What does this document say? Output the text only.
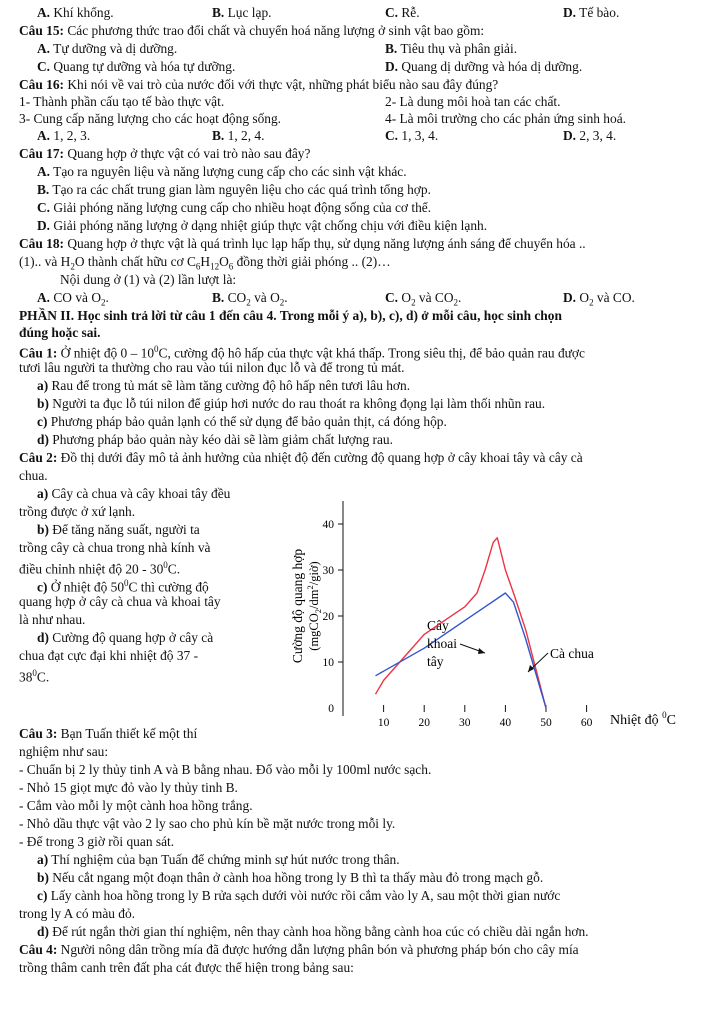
A. Khí khổng.	B. Lục lạp.	C. Rễ.	D. Tế bào.
Câu 15: Các phương thức trao đổi chất và chuyển hoá năng lượng ở sinh vật bao gồm:
A. Tự dưỡng và dị dưỡng.	B. Tiêu thụ và phân giải.
C. Quang tự dưỡng và hóa tự dưỡng.	D. Quang dị dưỡng và hóa dị dưỡng.
Câu 16: Khi nói về vai trò của nước đối với thực vật, những phát biểu nào sau đây đúng?
1- Thành phần cấu tạo tế bào thực vật.	2- Là dung môi hoà tan các chất.
3- Cung cấp năng lượng cho các hoạt động sống.	4- Là môi trường cho các phản ứng sinh hoá.
A. 1, 2, 3.	B. 1, 2, 4.	C. 1, 3, 4.	D. 2, 3, 4.
Câu 17: Quang hợp ở thực vật có vai trò nào sau đây?
A. Tạo ra nguyên liệu và năng lượng cung cấp cho các sinh vật khác.
B. Tạo ra các chất trung gian làm nguyên liệu cho các quá trình tổng hợp.
C. Giải phóng năng lượng cung cấp cho nhiều hoạt động sống của cơ thể.
D. Giải phóng năng lượng ở dạng nhiệt giúp thực vật chống chịu với điều kiện lạnh.
Câu 18: Quang hợp ở thực vật là quá trình lục lạp hấp thụ, sử dụng năng lượng ánh sáng để chuyển hóa ..
(1).. và $H_2O$ thành chất hữu cơ $C_6H_{12}O_6$ đồng thời giải phóng .. (2)…
Nội dung ở (1) và (2) lần lượt là:
A. CO và $O_2$.	B. $CO_2$ và $O_2$.	C. $O_2$ và $CO_2$.	D. $O_2$ và CO.
PHẦN II. Học sinh trả lời từ câu 1 đến câu 4. Trong mỗi ý a), b), c), d) ở mỗi câu, học sinh chọn
đúng hoặc sai.
Câu 1: Ở nhiệt độ $0 - 10^0C$, cường độ hô hấp của thực vật khá thấp. Trong siêu thị, để bảo quản rau được
tươi lâu người ta thường cho rau vào túi nilon đục lỗ và để trong tủ mát.
a) Rau để trong tủ mát sẽ làm tăng cường độ hô hấp nên tươi lâu hơn.
b) Người ta đục lỗ túi nilon để giúp hơi nước do rau thoát ra không đọng lại làm thối nhũn rau.
c) Phương pháp bảo quản lạnh có thể sử dụng để bảo quản thịt, cá đóng hộp.
d) Phương pháp bảo quản này kéo dài sẽ làm giảm chất lượng rau.
Câu 2: Đồ thị dưới đây mô tả ảnh hưởng của nhiệt độ đến cường độ quang hợp ở cây khoai tây và cây cà
chua.
a) Cây cà chua và cây khoai tây đều
trồng được ở xứ lạnh.
b) Để tăng năng suất, người ta
trồng cây cà chua trong nhà kính và
điều chỉnh nhiệt độ $20 - 30^0C$.
c) Ở nhiệt độ $50^0C$ thì cường độ
quang hợp ở cây cà chua và khoai tây
là như nhau.
d) Cường độ quang hợp ở cây cà
chua đạt cực đại khi nhiệt độ 37 -
$38^0C$.
Cường độ quang hợp $(mgCO_2/dm^2/giờ)$
0
10
20
30
40
10	20	30	40	50	60
Cây
khoai
tây
Cà chua
Nhiệt độ $^0$C
Câu 3: Bạn Tuấn thiết kế một thí
nghiệm như sau:
- Chuẩn bị 2 ly thủy tinh A và B bằng nhau. Đổ vào mỗi ly 100ml nước sạch.
- Nhỏ 15 giọt mực đỏ vào ly thủy tinh B.
- Cắm vào mỗi ly một cành hoa hồng trắng.
- Nhỏ dầu thực vật vào 2 ly sao cho phủ kín bề mặt nước trong mỗi ly.
- Để trong 3 giờ rồi quan sát.
a) Thí nghiệm của bạn Tuấn để chứng minh sự hút nước trong thân.
b) Nếu cắt ngang một đoạn thân ở cành hoa hồng trong ly B thì ta thấy màu đỏ trong mạch gỗ.
c) Lấy cành hoa hồng trong ly B rửa sạch dưới vòi nước rồi cắm vào ly A, sau một thời gian nước
trong ly A có màu đỏ.
d) Để rút ngắn thời gian thí nghiệm, nên thay cành hoa hồng bằng cành hoa cúc có chiều dài ngắn hơn.
Câu 4: Người nông dân trồng mía đã được hướng dẫn lượng phân bón và phương pháp bón cho cây mía
trồng thâm canh trên đất pha cát được thể hiện trong bảng sau:
